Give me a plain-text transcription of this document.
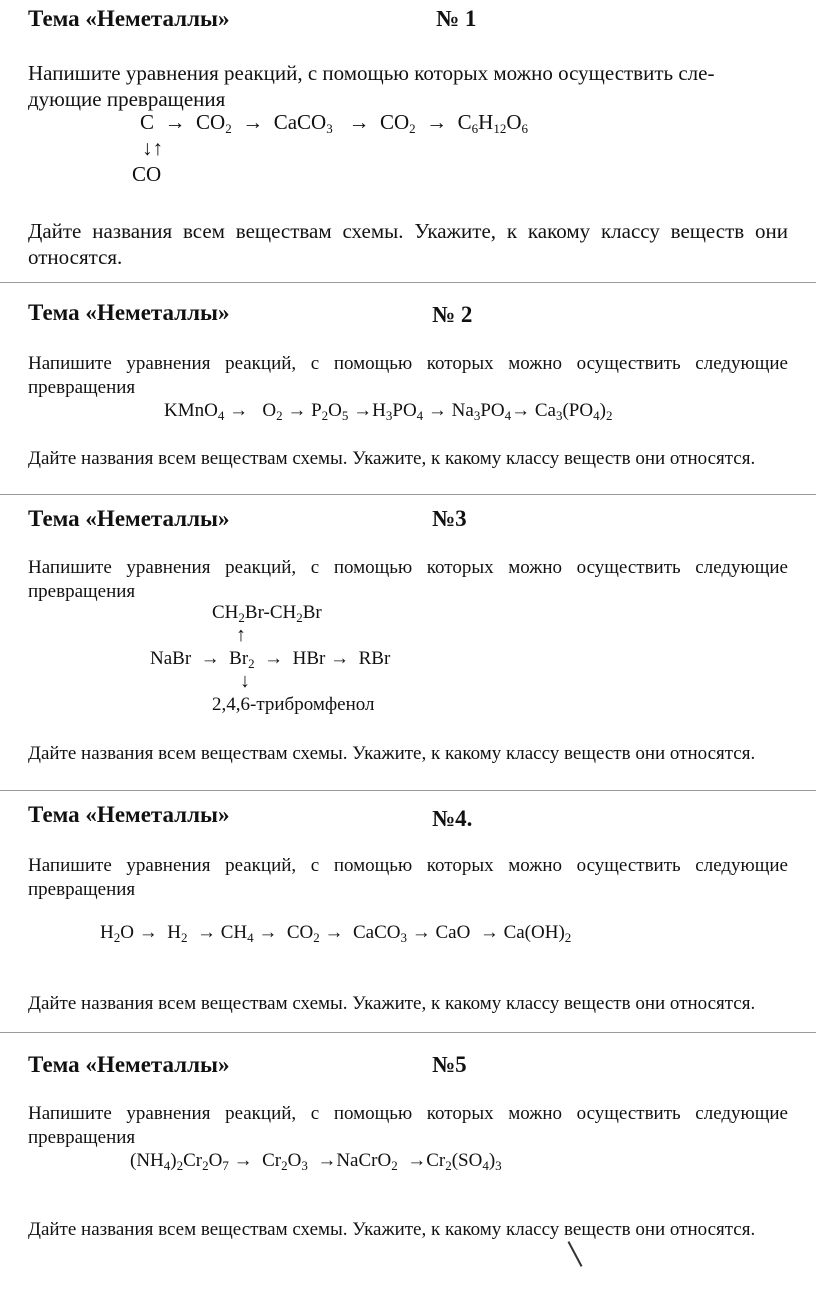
Тема «Неметаллы»	№ 1
Напишите уравнения реакций, с помощью которых можно осуществить сле-дующие превращения
$C \to CO_2$  →  CaCO$_3$   →  $CO_2 \to C_6H_{12}O_6$
↓↑
CO
Дайте названия всем веществам схемы. Укажите, к какому классу веществ они относятся.
Тема «Неметаллы»	№ 2
Напишите уравнения реакций, с помощью которых можно осуществить следующие превращения
KMnO$_4$ →   $O_2 \to P_2O_5 \to H_3PO_4 \to Na_3PO_4\to Ca_3(PO_4)_2$
Дайте названия всем веществам схемы. Укажите, к какому классу веществ они относятся.
Тема «Неметаллы»	№3
Напишите уравнения реакций, с помощью которых можно осуществить следующие превращения
$CH_2Br-CH_2Br$
↑
NaBr  →  $Br_2$  →  HBr →  RBr
↓
2,4,6-трибромфенол
Дайте названия всем веществам схемы. Укажите, к какому классу веществ они относятся.
Тема «Неметаллы»	№4.
Напишите уравнения реакций, с помощью которых можно осуществить следующие превращения
$H_2O \to H_2 \to CH_4 \to CO_2$ →  CaCO$_3$ → CaO  → $Ca(OH)_2$
Дайте названия всем веществам схемы. Укажите, к какому классу веществ они относятся.
Тема «Неметаллы»	№5
Напишите уравнения реакций, с помощью которых можно осуществить следующие превращения
$(NH_4)_2Cr_2O_7 \to Cr_2O_3$  →NaCrO$_2$  $\to Cr_2(SO_4)_3$
Дайте названия всем веществам схемы. Укажите, к какому классу веществ они относятся.
